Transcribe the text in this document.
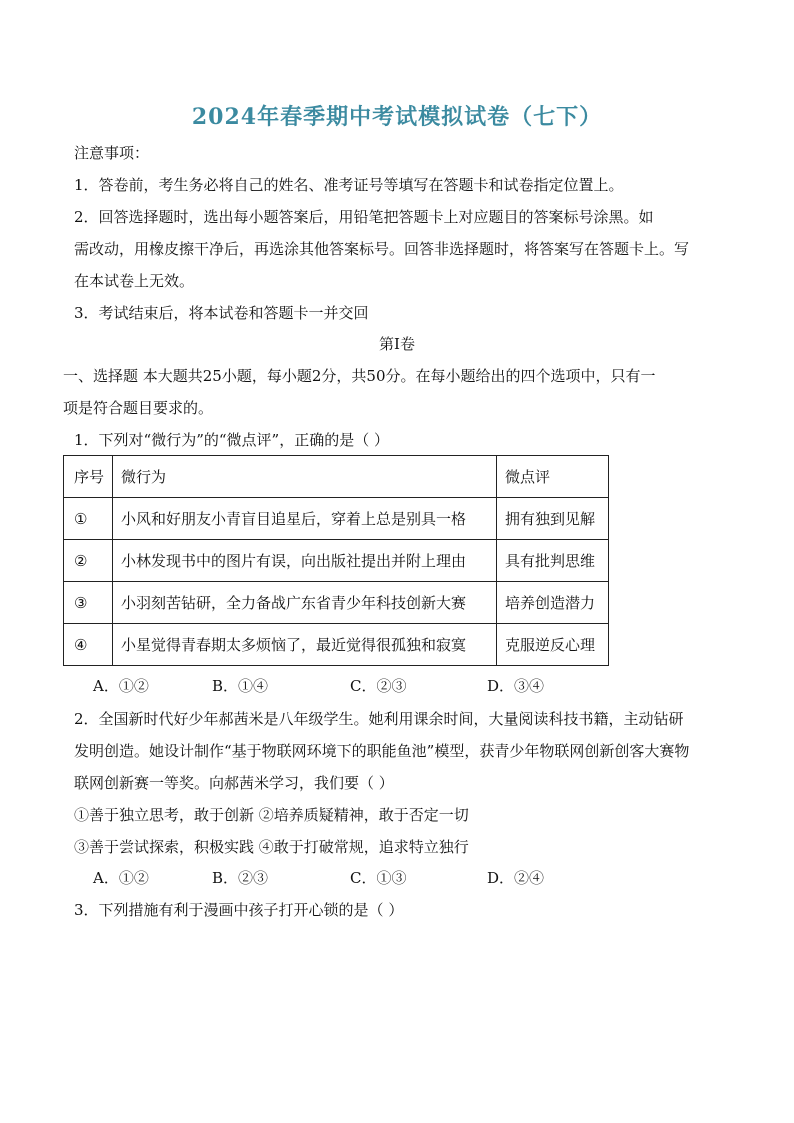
2024年春季期中考试模拟试卷（七下）
注意事项：
1．答卷前，考生务必将自己的姓名、准考证号等填写在答题卡和试卷指定位置上。
2．回答选择题时，选出每小题答案后，用铅笔把答题卡上对应题目的答案标号涂黑。如
需改动，用橡皮擦干净后，再选涂其他答案标号。回答非选择题时，将答案写在答题卡上。写
在本试卷上无效。
3．考试结束后，将本试卷和答题卡一并交回
第Ⅰ卷
一、选择题 本大题共25小题，每小题2分，共50分。在每小题给出的四个选项中，只有一
项是符合题目要求的。
1．下列对“微行为”的“微点评”，正确的是（ ）
序号	微行为	微点评
①	小风和好朋友小青盲目追星后，穿着上总是别具一格	拥有独到见解
②	小林发现书中的图片有误，向出版社提出并附上理由	具有批判思维
③	小羽刻苦钻研，全力备战广东省青少年科技创新大赛	培养创造潜力
④	小星觉得青春期太多烦恼了，最近觉得很孤独和寂寞	克服逆反心理
A．①②	B．①④	C．②③	D．③④
2．全国新时代好少年郝茜米是八年级学生。她利用课余时间，大量阅读科技书籍，主动钻研
发明创造。她设计制作“基于物联网环境下的职能鱼池”模型，获青少年物联网创新创客大赛物
联网创新赛一等奖。向郝茜米学习，我们要（ ）
①善于独立思考，敢于创新 ②培养质疑精神，敢于否定一切
③善于尝试探索，积极实践 ④敢于打破常规，追求特立独行
A．①②	B．②③	C．①③	D．②④
3．下列措施有利于漫画中孩子打开心锁的是（ ）
